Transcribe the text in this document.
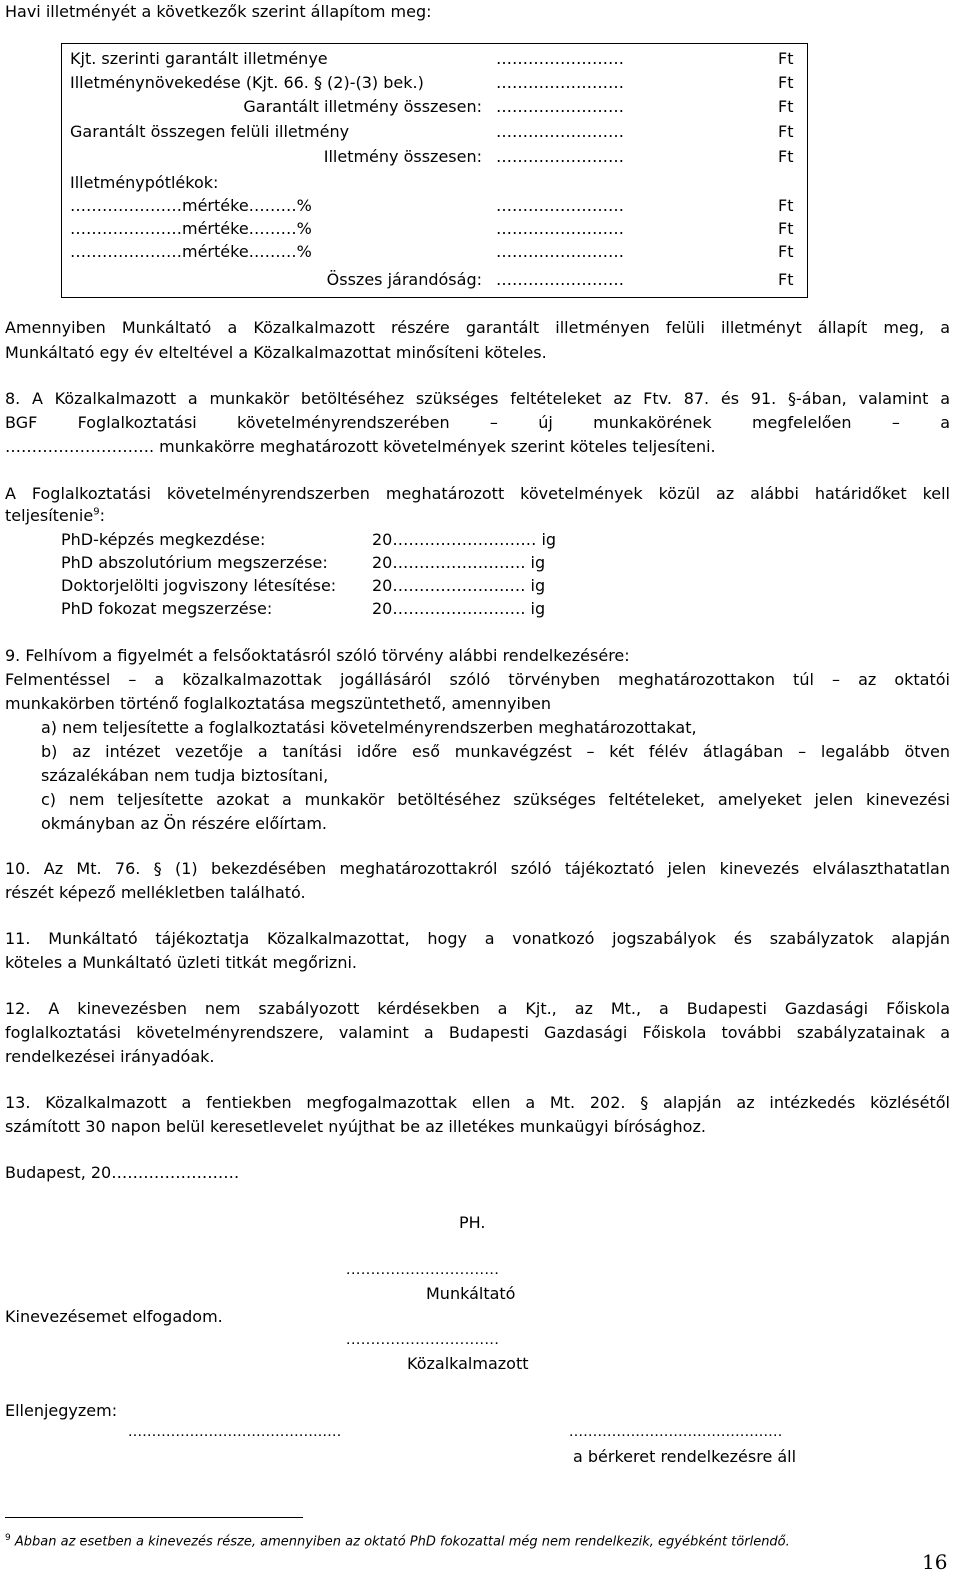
Havi illetményét a következők szerint állapítom meg:
Kjt. szerinti garantált illetménye	……………………	Ft
Illetménynövekedése (Kjt. 66. § (2)-(3) bek.)	……………………	Ft
Garantált illetmény összesen: ……………………	Ft
Garantált összegen felüli illetmény	……………………	Ft
Illetmény összesen: ……………………	Ft
Illetménypótlékok:
…………………mértéke………%	……………………	Ft
…………………mértéke………%	……………………	Ft
…………………mértéke………%	……………………	Ft
Összes járandóság: ……………………	Ft
Amennyiben Munkáltató a Közalkalmazott részére garantált illetményen felüli illetményt állapít meg, a
Munkáltató egy év elteltével a Közalkalmazottat minősíteni köteles.
8. A Közalkalmazott a munkakör betöltéséhez szükséges feltételeket az Ftv. 87. és 91. §-ában, valamint a
BGF Foglalkoztatási követelményrendszerében – új munkakörének megfelelően – a
………………………. munkakörre meghatározott követelmények szerint köteles teljesíteni.
A Foglalkoztatási követelményrendszerben meghatározott követelmények közül az alábbi határidőket kell
teljesítenie$^9$:
PhD-képzés megkezdése:	20……………………… ig
PhD abszolutórium megszerzése:	20……………………. ig
Doktorjelölti jogviszony létesítése: 20………………….… ig
PhD fokozat megszerzése:	20……………………. ig
9. Felhívom a figyelmét a felsőoktatásról szóló törvény alábbi rendelkezésére:
Felmentéssel – a közalkalmazottak jogállásáról szóló törvényben meghatározottakon túl – az oktatói
munkakörben történő foglalkoztatása megszüntethető, amennyiben
a) nem teljesítette a foglalkoztatási követelményrendszerben meghatározottakat,
b) az intézet vezetője a tanítási időre eső munkavégzést – két félév átlagában – legalább ötven
százalékában nem tudja biztosítani,
c) nem teljesítette azokat a munkakör betöltéséhez szükséges feltételeket, amelyeket jelen kinevezési
okmányban az Ön részére előírtam.
10. Az Mt. 76. § (1) bekezdésében meghatározottakról szóló tájékoztató jelen kinevezés elválaszthatatlan
részét képező mellékletben található.
11. Munkáltató tájékoztatja Közalkalmazottat, hogy a vonatkozó jogszabályok és szabályzatok alapján
köteles a Munkáltató üzleti titkát megőrizni.
12. A kinevezésben nem szabályozott kérdésekben a Kjt., az Mt., a Budapesti Gazdasági Főiskola
foglalkoztatási követelményrendszere, valamint a Budapesti Gazdasági Főiskola további szabályzatainak a
rendelkezései irányadóak.
13. Közalkalmazott a fentiekben megfogalmazottak ellen a Mt. 202. § alapján az intézkedés közlésétől
számított 30 napon belül keresetlevelet nyújthat be az illetékes munkaügyi bírósághoz.
Budapest, 20……………………
PH.
...............................
Munkáltató
Kinevezésemet elfogadom.
...............................
Közalkalmazott
Ellenjegyzem:
.............................................	.............................................
a bérkeret rendelkezésre áll
$^9$ Abban az esetben a kinevezés része, amennyiben az oktató PhD fokozattal még nem rendelkezik, egyébként törlendő.
16
